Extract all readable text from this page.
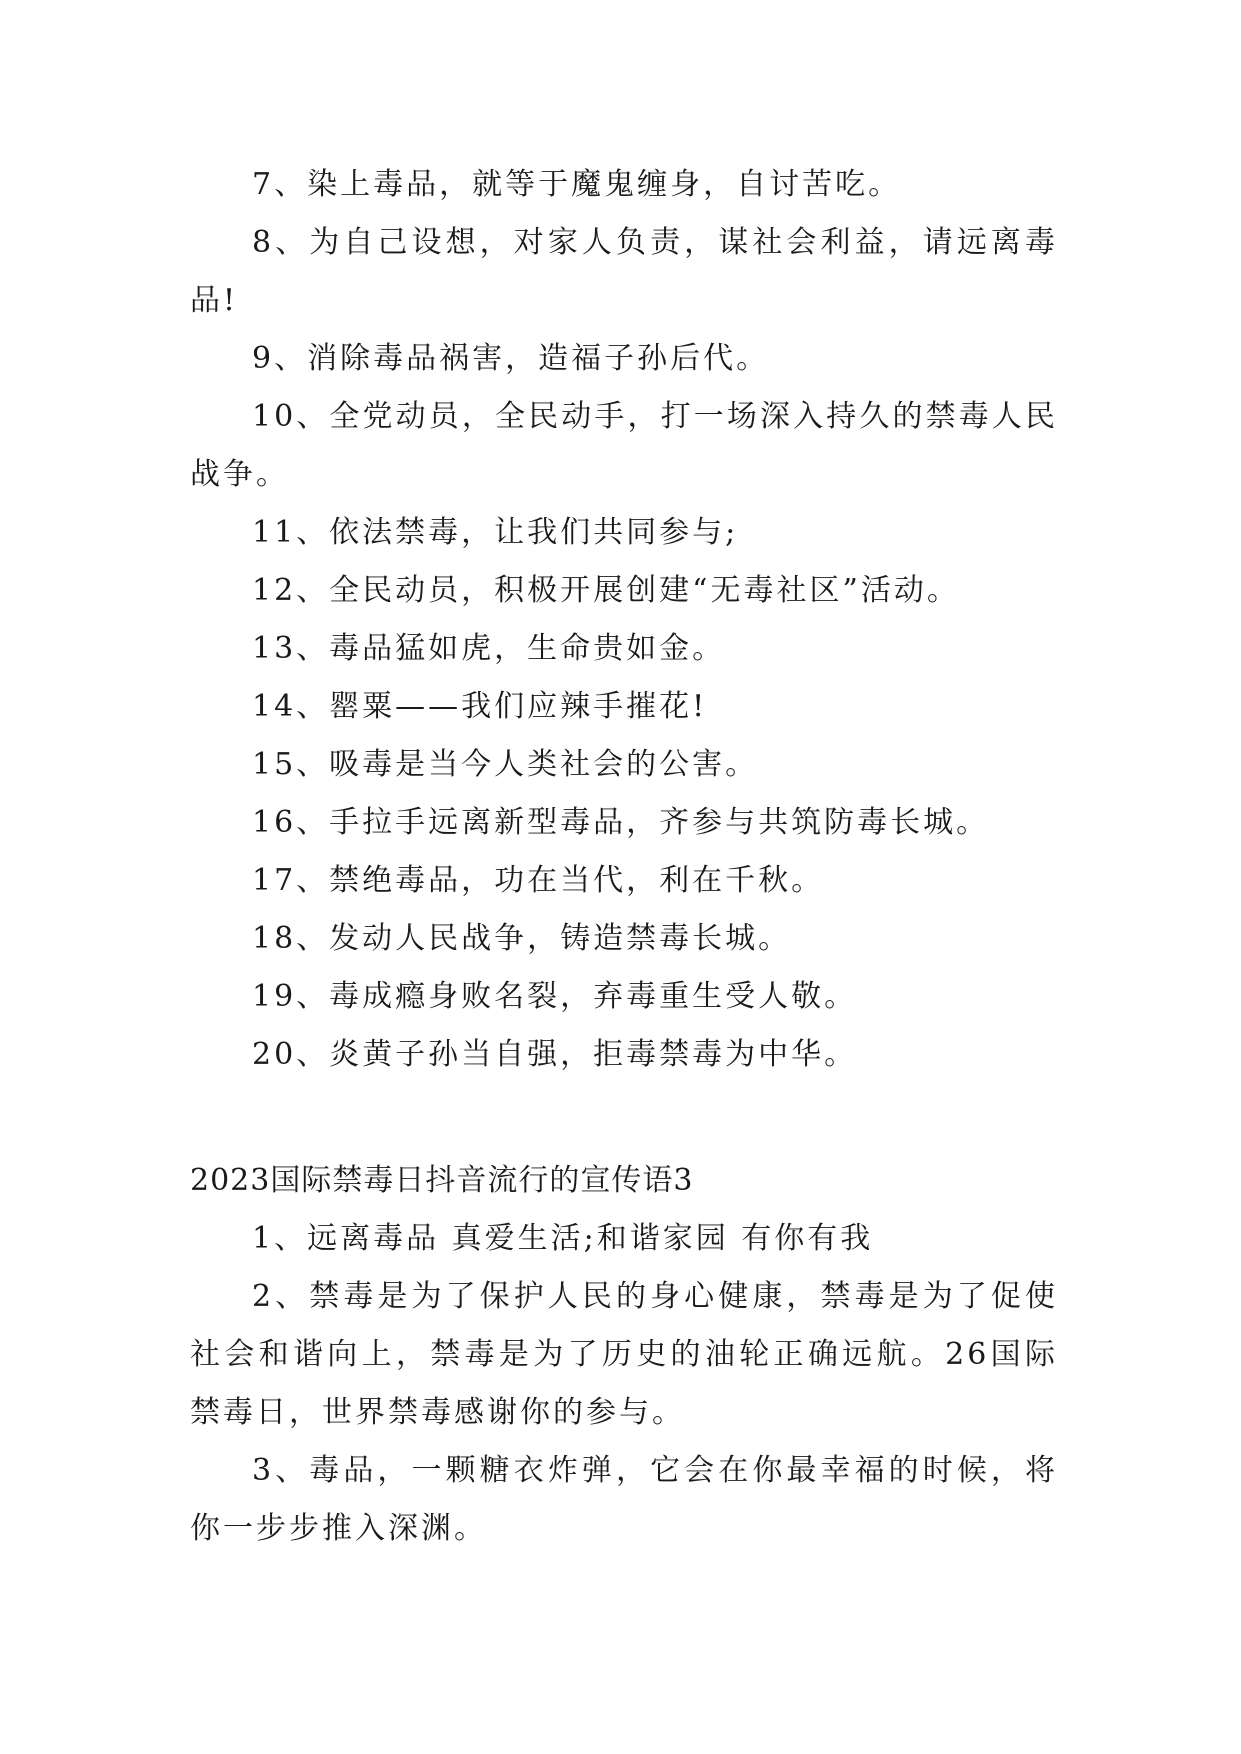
7、染上毒品，就等于魔鬼缠身，自讨苦吃。

8、为自己设想，对家人负责，谋社会利益，请远离毒品!

9、消除毒品祸害，造福子孙后代。

10、全党动员，全民动手，打一场深入持久的禁毒人民战争。

11、依法禁毒，让我们共同参与;

12、全民动员，积极开展创建“无毒社区”活动。

13、毒品猛如虎，生命贵如金。

14、罂粟——我们应辣手摧花!

15、吸毒是当今人类社会的公害。

16、手拉手远离新型毒品，齐参与共筑防毒长城。

17、禁绝毒品，功在当代，利在千秋。

18、发动人民战争，铸造禁毒长城。

19、毒成瘾身败名裂，弃毒重生受人敬。

20、炎黄子孙当自强，拒毒禁毒为中华。

2023国际禁毒日抖音流行的宣传语3

1、远离毒品 真爱生活;和谐家园 有你有我

2、禁毒是为了保护人民的身心健康，禁毒是为了促使社会和谐向上，禁毒是为了历史的油轮正确远航。26国际禁毒日，世界禁毒感谢你的参与。

3、毒品，一颗糖衣炸弹，它会在你最幸福的时候，将你一步步推入深渊。
